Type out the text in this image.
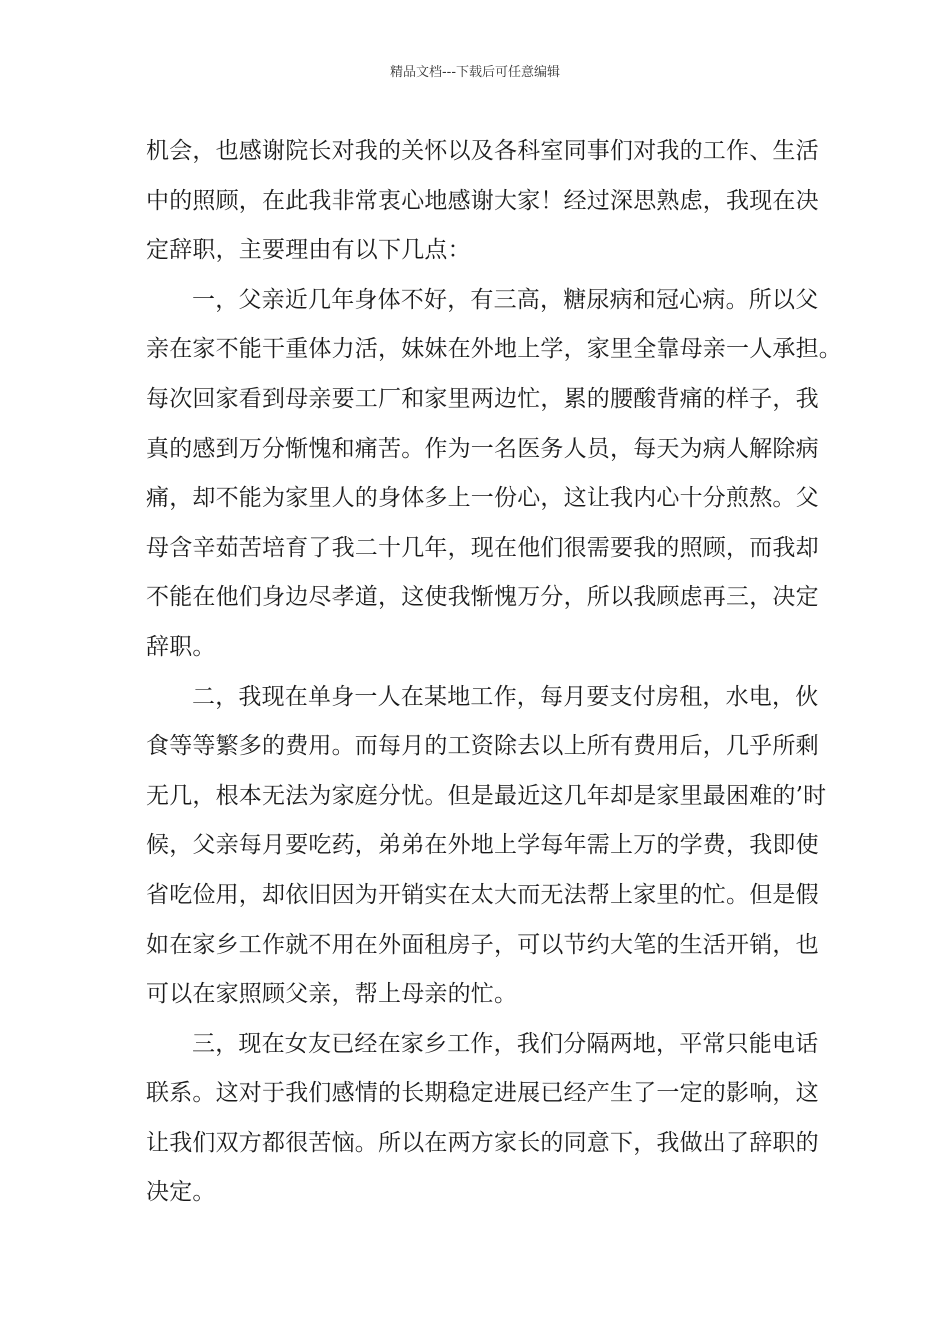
精品文档---下载后可任意编辑
机会，也感谢院长对我的关怀以及各科室同事们对我的工作、生活
中的照顾，在此我非常衷心地感谢大家！经过深思熟虑，我现在决
定辞职，主要理由有以下几点：
一，父亲近几年身体不好，有三高，糖尿病和冠心病。所以父
亲在家不能干重体力活，妹妹在外地上学，家里全靠母亲一人承担。
每次回家看到母亲要工厂和家里两边忙，累的腰酸背痛的样子，我
真的感到万分惭愧和痛苦。作为一名医务人员，每天为病人解除病
痛，却不能为家里人的身体多上一份心，这让我内心十分煎熬。父
母含辛茹苦培育了我二十几年，现在他们很需要我的照顾，而我却
不能在他们身边尽孝道，这使我惭愧万分，所以我顾虑再三，决定
辞职。
二，我现在单身一人在某地工作，每月要支付房租，水电，伙
食等等繁多的费用。而每月的工资除去以上所有费用后，几乎所剩
无几，根本无法为家庭分忧。但是最近这几年却是家里最困难的’时
候，父亲每月要吃药，弟弟在外地上学每年需上万的学费，我即使
省吃俭用，却依旧因为开销实在太大而无法帮上家里的忙。但是假
如在家乡工作就不用在外面租房子，可以节约大笔的生活开销，也
可以在家照顾父亲，帮上母亲的忙。
三，现在女友已经在家乡工作，我们分隔两地，平常只能电话
联系。这对于我们感情的长期稳定进展已经产生了一定的影响，这
让我们双方都很苦恼。所以在两方家长的同意下，我做出了辞职的
决定。
